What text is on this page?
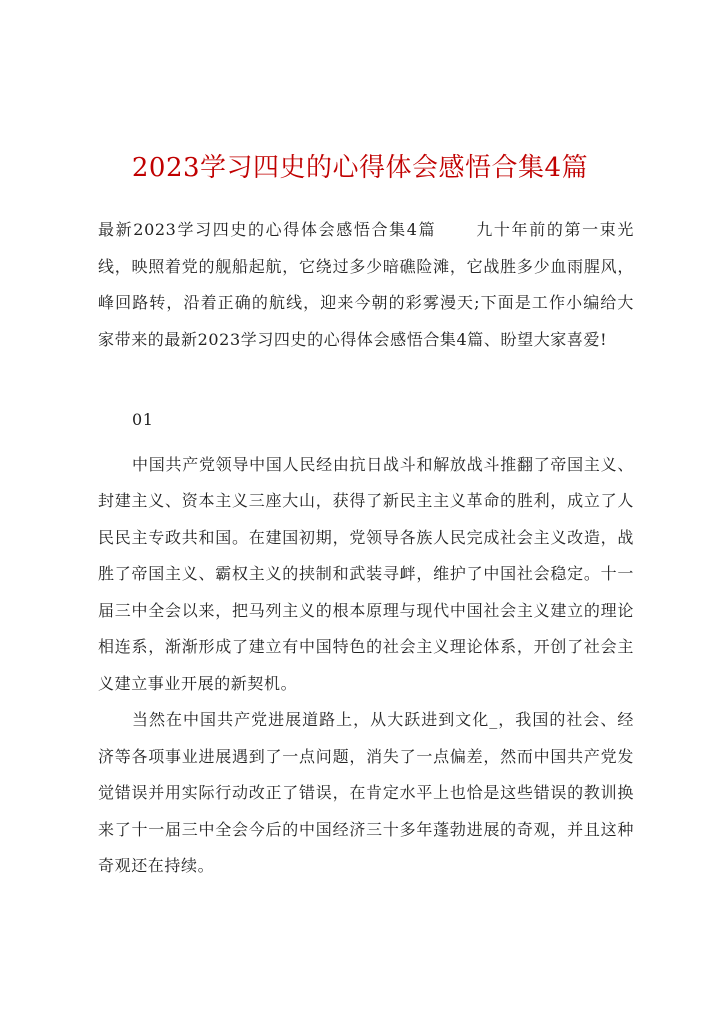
2023学习四史的心得体会感悟合集4篇

最新2023学习四史的心得体会感悟合集4篇	九十年前的第一束光线，映照着党的舰船起航，它绕过多少暗礁险滩，它战胜多少血雨腥风，峰回路转，沿着正确的航线，迎来今朝的彩雾漫天;下面是工作小编给大家带来的最新2023学习四史的心得体会感悟合集4篇、盼望大家喜爱!

01

中国共产党领导中国人民经由抗日战斗和解放战斗推翻了帝国主义、封建主义、资本主义三座大山，获得了新民主主义革命的胜利，成立了人民民主专政共和国。在建国初期，党领导各族人民完成社会主义改造，战胜了帝国主义、霸权主义的挟制和武装寻衅，维护了中国社会稳定。十一届三中全会以来，把马列主义的根本原理与现代中国社会主义建立的理论相连系，渐渐形成了建立有中国特色的社会主义理论体系，开创了社会主义建立事业开展的新契机。

当然在中国共产党进展道路上，从大跃进到文化_，我国的社会、经济等各项事业进展遇到了一点问题，消失了一点偏差，然而中国共产党发觉错误并用实际行动改正了错误，在肯定水平上也恰是这些错误的教训换来了十一届三中全会今后的中国经济三十多年蓬勃进展的奇观，并且这种奇观还在持续。
